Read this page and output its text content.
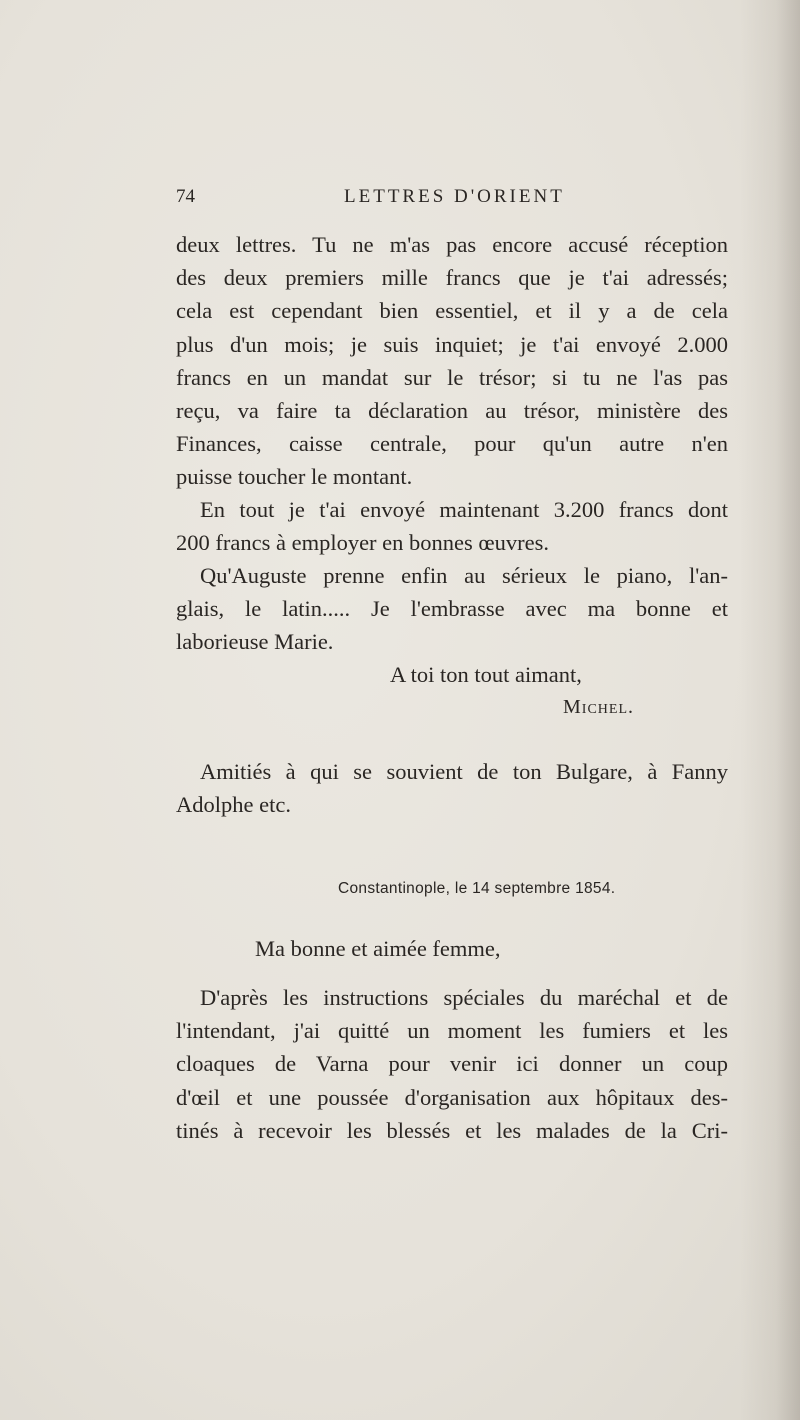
74	LETTRES D'ORIENT
deux lettres. Tu ne m'as pas encore accusé réception
des deux premiers mille francs que je t'ai adressés;
cela est cependant bien essentiel, et il y a de cela
plus d'un mois; je suis inquiet; je t'ai envoyé 2.000
francs en un mandat sur le trésor; si tu ne l'as pas
reçu, va faire ta déclaration au trésor, ministère des
Finances, caisse centrale, pour qu'un autre n'en
puisse toucher le montant.
En tout je t'ai envoyé maintenant 3.200 francs dont
200 francs à employer en bonnes œuvres.
Qu'Auguste prenne enfin au sérieux le piano, l'an-
glais, le latin..... Je l'embrasse avec ma bonne et
laborieuse Marie.
A toi ton tout aimant,
Michel.
Amitiés à qui se souvient de ton Bulgare, à Fanny
Adolphe etc.
Constantinople, le 14 septembre 1854.
Ma bonne et aimée femme,
D'après les instructions spéciales du maréchal et de
l'intendant, j'ai quitté un moment les fumiers et les
cloaques de Varna pour venir ici donner un coup
d'œil et une poussée d'organisation aux hôpitaux des-
tinés à recevoir les blessés et les malades de la Cri-
